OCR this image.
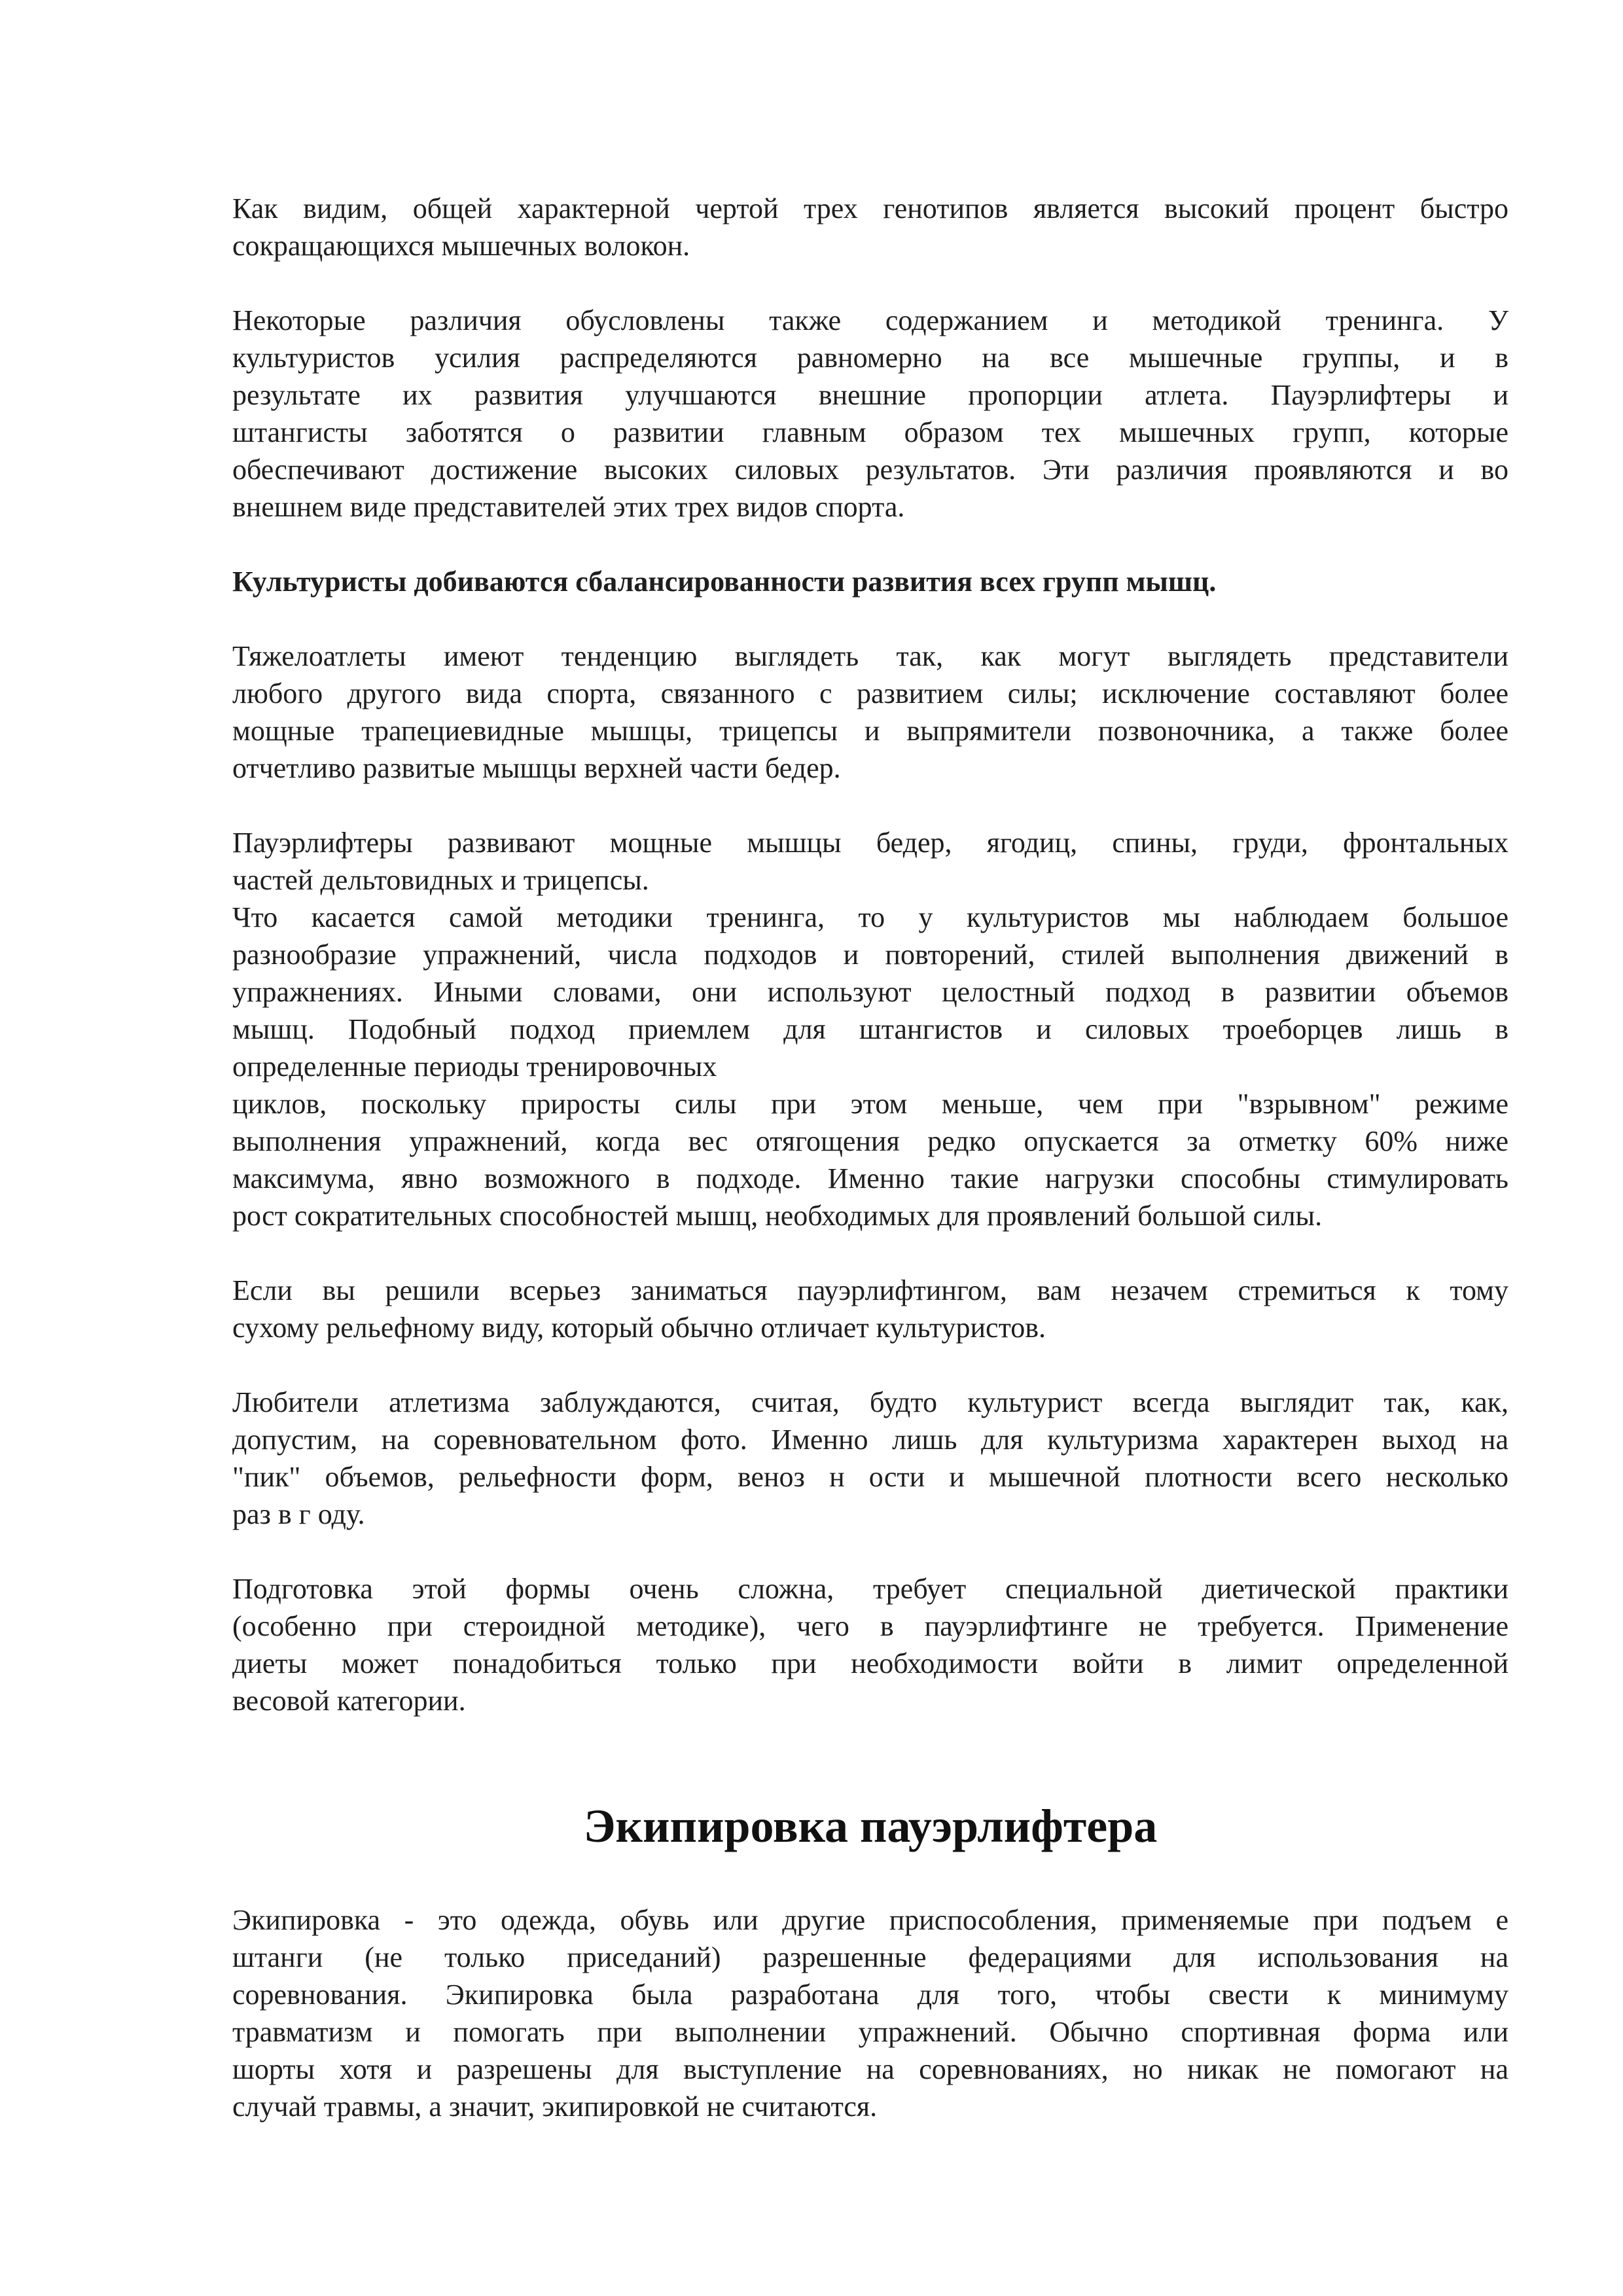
Как видим, общей характерной чертой трех генотипов является высокий процент быстро
сокращающихся мышечных волокон.

Некоторые различия обусловлены также содержанием и методикой тренинга. У
культуристов усилия распределяются равномерно на все мышечные группы, и в
результате их развития улучшаются внешние пропорции атлета. Пауэрлифтеры и
штангисты заботятся о развитии главным образом тех мышечных групп, которые
обеспечивают достижение высоких силовых результатов. Эти различия проявляются и во
внешнем виде представителей этих трех видов спорта.

Культуристы добиваются сбалансированности развития всех групп мышц.

Тяжелоатлеты имеют тенденцию выглядеть так, как могут выглядеть представители
любого другого вида спорта, связанного с развитием силы; исключение составляют более
мощные трапециевидные мышцы, трицепсы и выпрямители позвоночника, а также более
отчетливо развитые мышцы верхней части бедер.

Пауэрлифтеры развивают мощные мышцы бедер, ягодиц, спины, груди, фронтальных
частей дельтовидных и трицепсы.
Что касается самой методики тренинга, то у культуристов мы наблюдаем большое
разнообразие упражнений, числа подходов и повторений, стилей выполнения движений в
упражнениях. Иными словами, они используют целостный подход в развитии объемов
мышц. Подобный подход приемлем для штангистов и силовых троеборцев лишь в
определенные периоды тренировочных
циклов, поскольку приросты силы при этом меньше, чем при "взрывном" режиме
выполнения упражнений, когда вес отягощения редко опускается за отметку 60% ниже
максимума, явно возможного в подходе. Именно такие нагрузки способны стимулировать
рост сократительных способностей мышц, необходимых для проявлений большой силы.

Если вы решили всерьез заниматься пауэрлифтингом, вам незачем стремиться к тому
сухому рельефному виду, который обычно отличает культуристов.

Любители атлетизма заблуждаются, считая, будто культурист всегда выглядит так, как,
допустим, на соревновательном фото. Именно лишь для культуризма характерен выход на
"пик" объемов, рельефности форм, веноз н ости и мышечной плотности всего несколько
раз в г оду.

Подготовка этой формы очень сложна, требует специальной диетической практики
(особенно при стероидной методике), чего в пауэрлифтинге не требуется. Применение
диеты может понадобиться только при необходимости войти в лимит определенной
весовой категории.

Экипировка пауэрлифтера

Экипировка - это одежда, обувь или другие приспособления, применяемые при подъем е
штанги (не только приседаний) разрешенные федерациями для использования на
соревнования. Экипировка была разработана для того, чтобы свести к минимуму
травматизм и помогать при выполнении упражнений. Обычно спортивная форма или
шорты хотя и разрешены для выступление на соревнованиях, но никак не помогают на
случай травмы, а значит, экипировкой не считаются.
